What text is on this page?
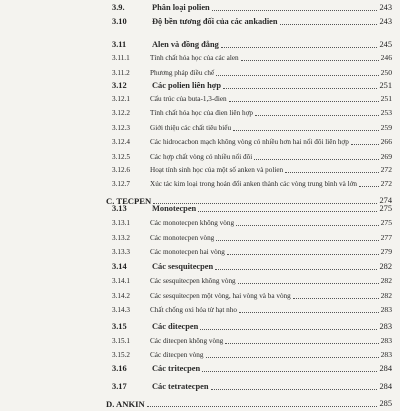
3.9.	Phân loại polien	243
3.10	Độ bền tương đối của các ankadien	243
3.11	Alen và đồng đẳng	245
3.11.1	Tính chất hóa học của các alen	246
3.11.2	Phương pháp điều chế	250
3.12	Các polien liên hợp	251
3.12.1	Cấu trúc của buta-1,3-đien	251
3.12.2	Tính chất hóa học của đien liên hợp	253
3.12.3	Giới thiệu các chất tiêu biểu	259
3.12.4	Các hidrocacbon mạch không vòng có nhiều hơn hai nối đôi liên hợp	266
3.12.5	Các hợp chất vòng có nhiều nối đôi	269
3.12.6	Hoạt tính sinh học của một số anken và polien	272
3.12.7	Xúc tác kim loại trong hoán đổi anken thành các vòng trung bình và lớn	272
C. TECPEN	274
3.13	Monotecpen	275
3.13.1	Các monotecpen không vòng	275
3.13.2	Các monotecpen vòng	277
3.13.3	Các monotecpen hai vòng	279
3.14	Các sesquitecpen	282
3.14.1	Các sesquitecpen không vòng	282
3.14.2	Các sesquitecpen một vòng, hai vòng và ba vòng	282
3.14.3	Chất chống oxi hóa từ hạt nho	283
3.15	Các ditecpen	283
3.15.1	Các ditecpen không vòng	283
3.15.2	Các ditecpen vòng	283
3.16	Các tritecpen	284
3.17	Các tetratecpen	284
D. ANKIN	285
